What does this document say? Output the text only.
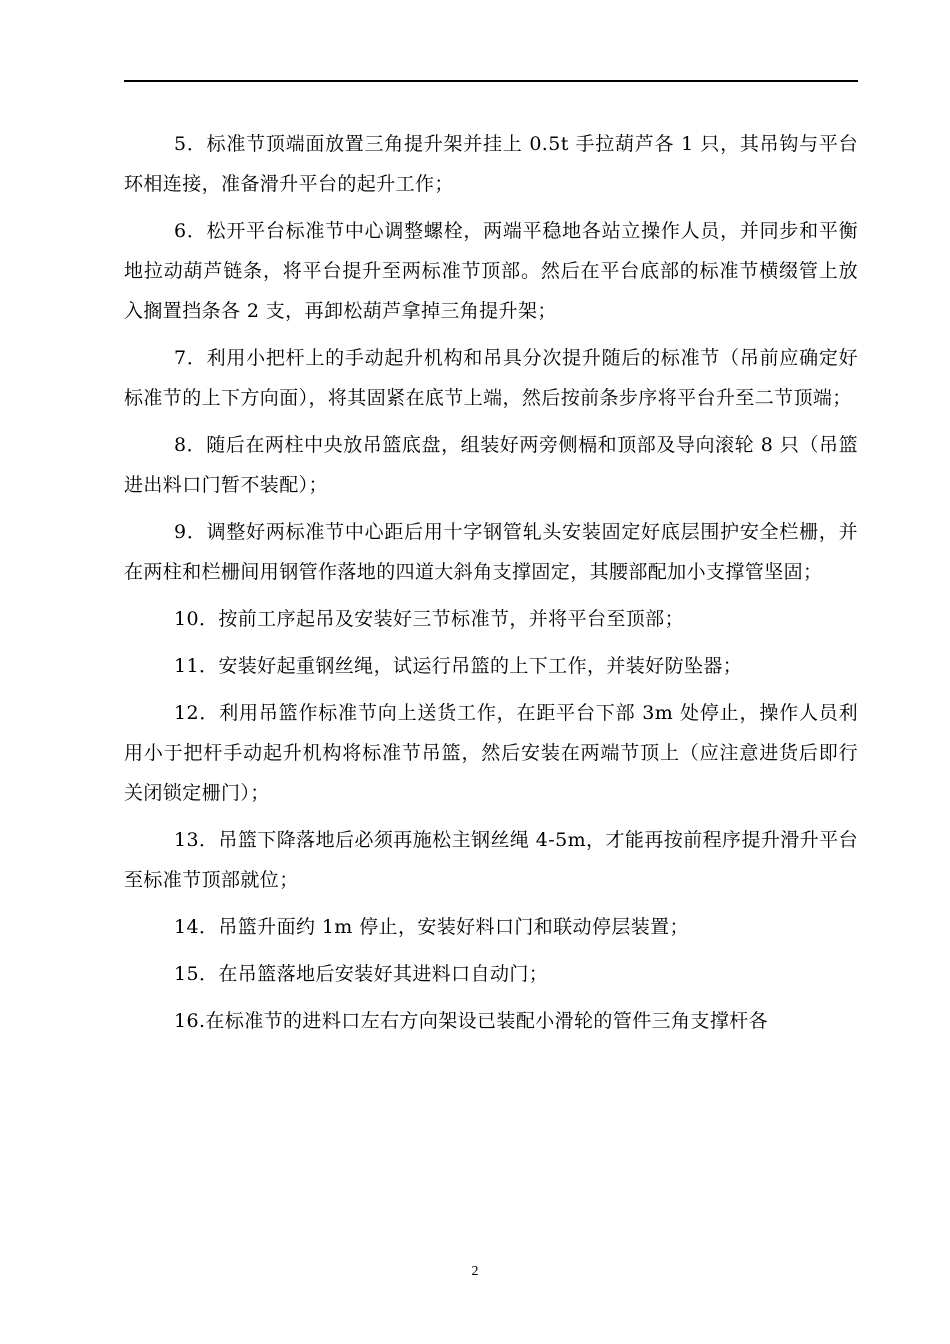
5．标准节顶端面放置三角提升架并挂上 0.5t 手拉葫芦各 1 只，其吊钩与平台环相连接，准备滑升平台的起升工作；

6．松开平台标准节中心调整螺栓，两端平稳地各站立操作人员，并同步和平衡地拉动葫芦链条，将平台提升至两标准节顶部。然后在平台底部的标准节横缀管上放入搁置挡条各 2 支，再卸松葫芦拿掉三角提升架；

7．利用小把杆上的手动起升机构和吊具分次提升随后的标准节（吊前应确定好标准节的上下方向面），将其固紧在底节上端，然后按前条步序将平台升至二节顶端；

8．随后在两柱中央放吊篮底盘，组装好两旁侧槅和顶部及导向滚轮 8 只（吊篮进出料口门暂不装配）；

9．调整好两标准节中心距后用十字钢管轧头安装固定好底层围护安全栏栅，并在两柱和栏栅间用钢管作落地的四道大斜角支撑固定，其腰部配加小支撑管坚固；

10．按前工序起吊及安装好三节标准节，并将平台至顶部；

11．安装好起重钢丝绳，试运行吊篮的上下工作，并装好防坠器；

12．利用吊篮作标准节向上送货工作，在距平台下部 3m 处停止，操作人员利用小于把杆手动起升机构将标准节吊篮，然后安装在两端节顶上（应注意进货后即行关闭锁定栅门）；

13．吊篮下降落地后必须再施松主钢丝绳 4-5m，才能再按前程序提升滑升平台至标准节顶部就位；

14．吊篮升面约 1m 停止，安装好料口门和联动停层装置；

15．在吊篮落地后安装好其进料口自动门；

16.在标准节的进料口左右方向架设已装配小滑轮的管件三角支撑杆各

2
